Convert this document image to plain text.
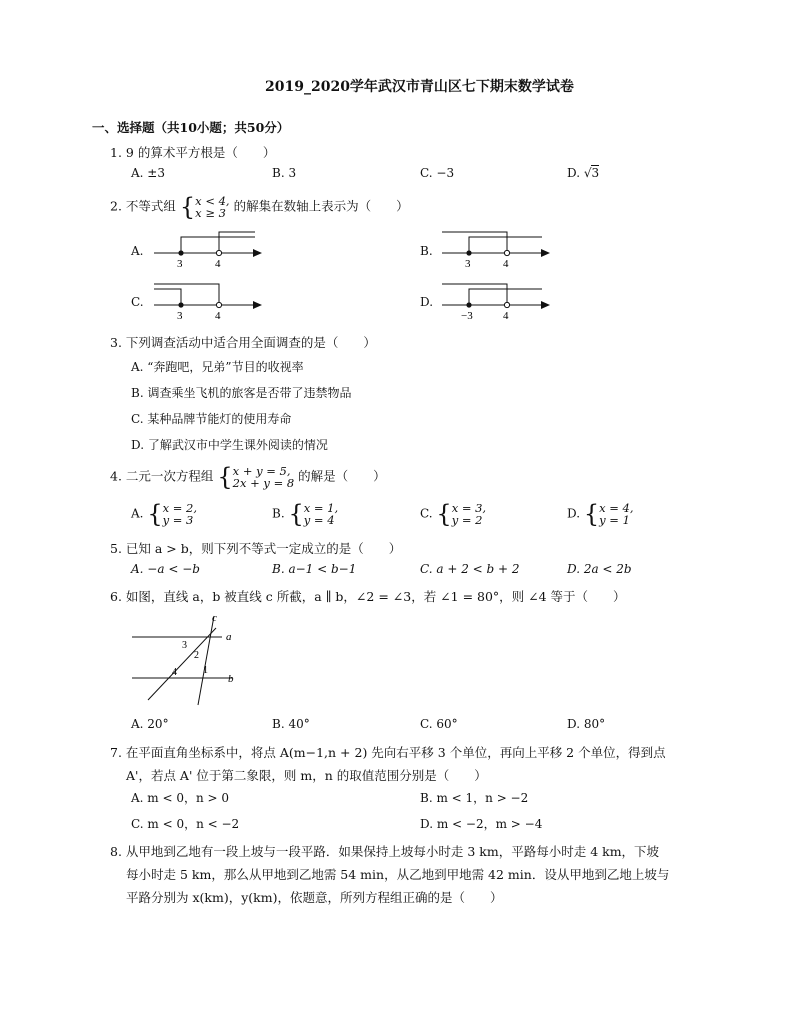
2019_2020学年武汉市青山区七下期末数学试卷
一、选择题（共10小题；共50分）
1. 9 的算术平方根是（　　）
A. ±3	B. 3	C. −3	D. √3
2. 不等式组 { x < 4,
x ≥ 3 的解集在数轴上表示为（　　）
A.	B.
C.	D.
3	4	3	4
3	4	−3	4
3. 下列调查活动中适合用全面调查的是（　　）
A. “奔跑吧，兄弟”节目的收视率
B. 调查乘坐飞机的旅客是否带了违禁物品
C. 某种品牌节能灯的使用寿命
D. 了解武汉市中学生课外阅读的情况
4. 二元一次方程组 { x + y = 5,
2x + y = 8 的解是（　　）
A. { x = 2,
y = 3	B. { x = 1,
y = 4	C. { x = 3,
y = 2	D. { x = 4,
y = 1
5. 已知 a > b，则下列不等式一定成立的是（　　）
A. −a < −b	B. a−1 < b−1	C. a + 2 < b + 2	D. 2a < 2b
6. 如图，直线 a，b 被直线 c 所截，a ∥ b，∠2 = ∠3，若 ∠1 = 80°，则 ∠4 等于（　　）
c
a
b
3
2
1
4
A. 20°	B. 40°	C. 60°	D. 80°
7. 在平面直角坐标系中，将点 A(m−1,n + 2) 先向右平移 3 个单位，再向上平移 2 个单位，得到点
A'，若点 A' 位于第二象限，则 m，n 的取值范围分别是（　　）
A. m < 0，n > 0	B. m < 1，n > −2
C. m < 0，n < −2	D. m < −2，m > −4
8. 从甲地到乙地有一段上坡与一段平路．如果保持上坡每小时走 3 km，平路每小时走 4 km，下坡
每小时走 5 km，那么从甲地到乙地需 54 min，从乙地到甲地需 42 min．设从甲地到乙地上坡与
平路分别为 x(km)，y(km)，依题意，所列方程组正确的是（　　）
